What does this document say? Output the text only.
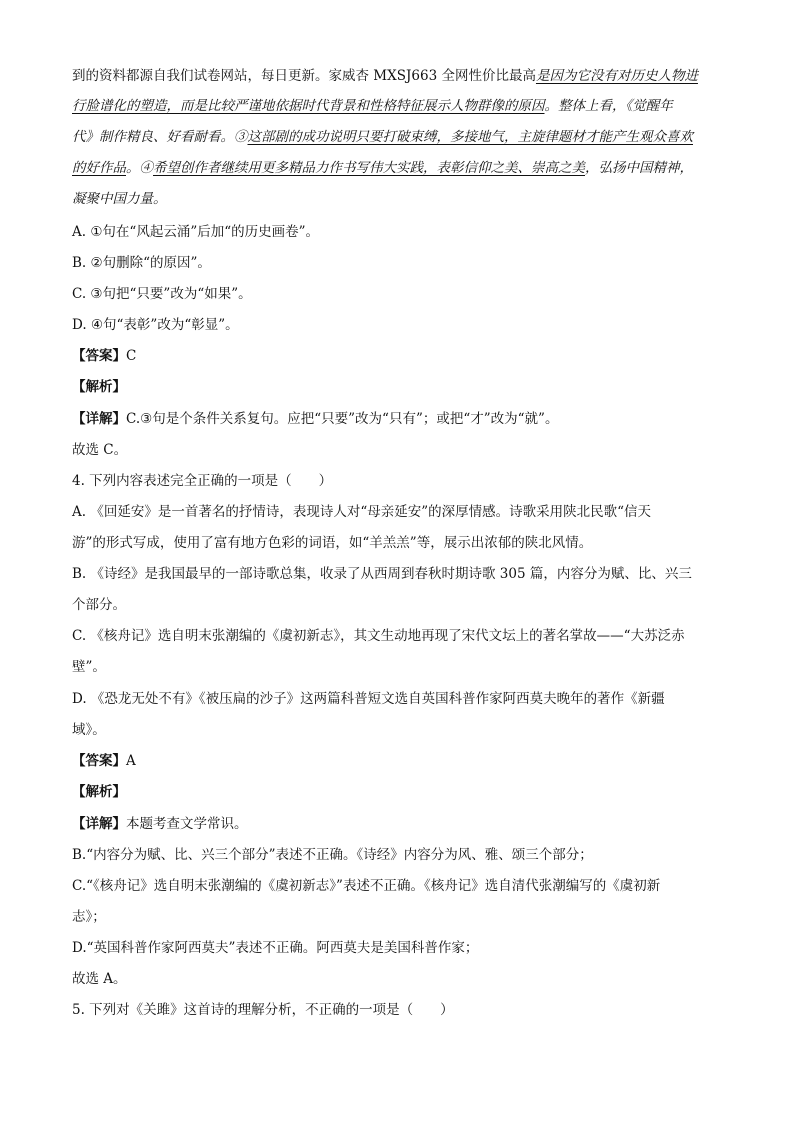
到的资料都源自我们试卷网站，每日更新。家威杏 MXSJ663 全网性价比最高是因为它没有对历史人物进
行脸谱化的塑造，而是比较严谨地依据时代背景和性格特征展示人物群像的原因。整体上看，《觉醒年
代》制作精良、好看耐看。③这部剧的成功说明只要打破束缚，多接地气，主旋律题材才能产生观众喜欢
的好作品。④希望创作者继续用更多精品力作书写伟大实践，表彰信仰之美、崇高之美，弘扬中国精神，
凝聚中国力量。
A. ①句在“风起云涌”后加“的历史画卷”。
B. ②句删除“的原因”。
C. ③句把“只要”改为“如果”。
D. ④句“表彰”改为“彰显”。
【答案】C
【解析】
【详解】C.③句是个条件关系复句。应把“只要”改为“只有”；或把“才”改为“就”。
故选 C。
4. 下列内容表述完全正确的一项是（　　）
A. 《回延安》是一首著名的抒情诗，表现诗人对“母亲延安”的深厚情感。诗歌采用陕北民歌“信天
游”的形式写成，使用了富有地方色彩的词语，如“羊羔羔”等，展示出浓郁的陕北风情。
B. 《诗经》是我国最早的一部诗歌总集，收录了从西周到春秋时期诗歌 305 篇，内容分为赋、比、兴三
个部分。
C. 《核舟记》选自明末张潮编的《虞初新志》，其文生动地再现了宋代文坛上的著名掌故——“大苏泛赤
壁”。
D. 《恐龙无处不有》《被压扁的沙子》这两篇科普短文选自英国科普作家阿西莫夫晚年的著作《新疆
域》。
【答案】A
【解析】
【详解】本题考查文学常识。
B.“内容分为赋、比、兴三个部分”表述不正确。《诗经》内容分为风、雅、颂三个部分；
C.“《核舟记》选自明末张潮编的《虞初新志》”表述不正确。《核舟记》选自清代张潮编写的《虞初新
志》；
D.“英国科普作家阿西莫夫”表述不正确。阿西莫夫是美国科普作家；
故选 A。
5. 下列对《关雎》这首诗的理解分析，不正确的一项是（　　）
